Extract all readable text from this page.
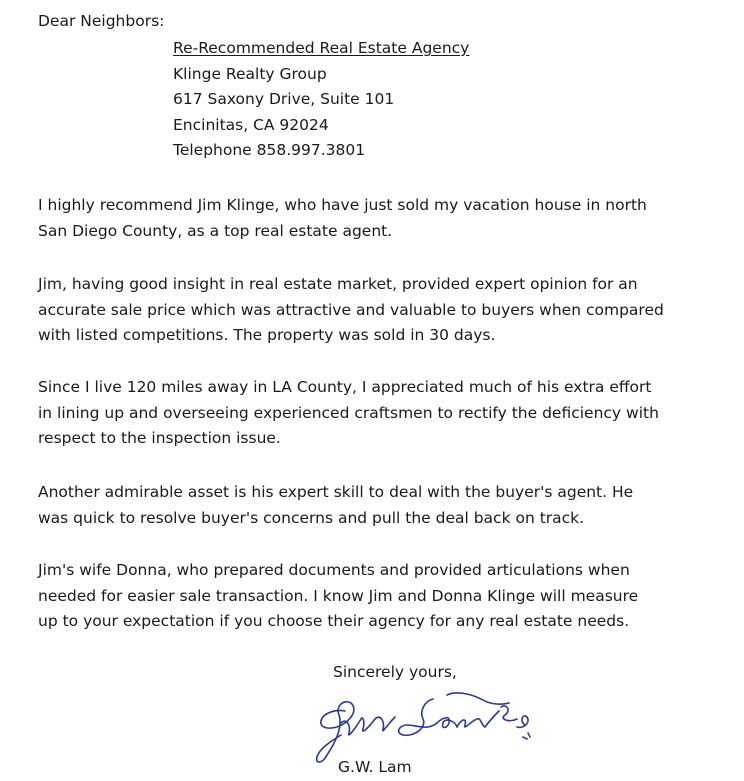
Dear Neighbors:

Re-Recommended Real Estate Agency
Klinge Realty Group
617 Saxony Drive, Suite 101
Encinitas, CA 92024
Telephone 858.997.3801
I highly recommend Jim Klinge, who have just sold my vacation house in north
San Diego County, as a top real estate agent.
Jim, having good insight in real estate market, provided expert opinion for an
accurate sale price which was attractive and valuable to buyers when compared
with listed competitions. The property was sold in 30 days.
Since I live 120 miles away in LA County, I appreciated much of his extra effort
in lining up and overseeing experienced craftsmen to rectify the deficiency with
respect to the inspection issue.
Another admirable asset is his expert skill to deal with the buyer's agent. He
was quick to resolve buyer's concerns and pull the deal back on track.
Jim's wife Donna, who prepared documents and provided articulations when
needed for easier sale transaction. I know Jim and Donna Klinge will measure
up to your expectation if you choose their agency for any real estate needs.

Sincerely yours,

G.W. Lam
